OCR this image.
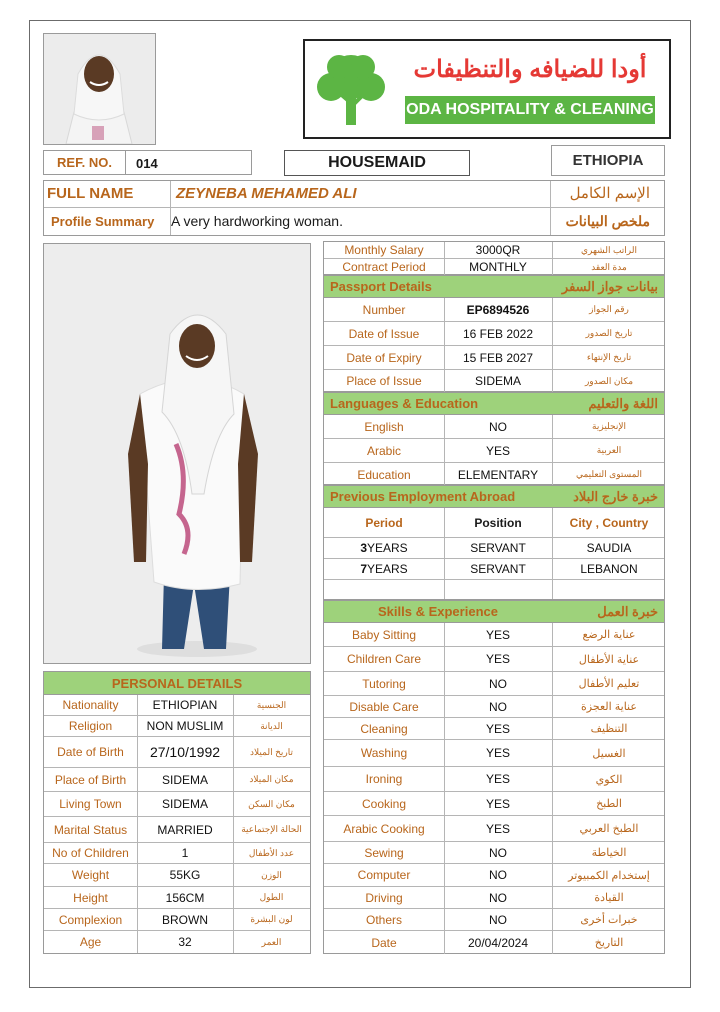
أودا للضيافه والتنظيفات
ODA HOSPITALITY & CLEANING
REF. NO.	014	HOUSEMAID	ETHIOPIA
FULL NAME	ZEYNEBA MEHAMED ALI	الإسم الكامل
Profile Summary A very hardworking woman.	ملخص البيانات
PERSONAL DETAILS
Nationality	ETHIOPIAN	الجنسية
Religion	NON MUSLIM	الديانة
Date of Birth	27/10/1992	تاريخ الميلاد
Place of Birth	SIDEMA	مكان الميلاد
Living Town	SIDEMA	مكان السكن
Marital Status	MARRIED	الحالة الإجتماعية
No of Children	1	عدد الأطفال
Weight	55KG	الوزن
Height	156CM	الطول
Complexion	BROWN	لون البشرة
Age	32	العمر
Monthly Salary	3000QR	الراتب الشهري
Contract Period	MONTHLY	مدة العقد
Passport Details	بيانات جواز السفر
Number	EP6894526	رقم الجواز
Date of Issue	16 FEB 2022	تاريخ الصدور
Date of Expiry	15 FEB 2027	تاريخ الإنتهاء
Place of Issue	SIDEMA	مكان الصدور
Languages & Education	اللغة والتعليم
English	NO	الإنجليزية
Arabic	YES	العربية
Education	ELEMENTARY	المستوى التعليمي
Previous Employment Abroad	خبرة خارج البلاد
Period	Position	City , Country
3 YEARS	SERVANT	SAUDIA
7 YEARS	SERVANT	LEBANON
Skills & Experience	خبرة العمل
Baby Sitting	YES	عناية الرضع
Children Care	YES	عناية الأطفال
Tutoring	NO	تعليم الأطفال
Disable Care	NO	عناية العجزة
Cleaning	YES	التنظيف
Washing	YES	الغسيل
Ironing	YES	الكوي
Cooking	YES	الطبخ
Arabic Cooking	YES	الطبخ العربي
Sewing	NO	الخياطة
Computer	NO	إستخدام الكمبيوتر
Driving	NO	القيادة
Others	NO	خبرات أخرى
Date	20/04/2024	التاريخ
